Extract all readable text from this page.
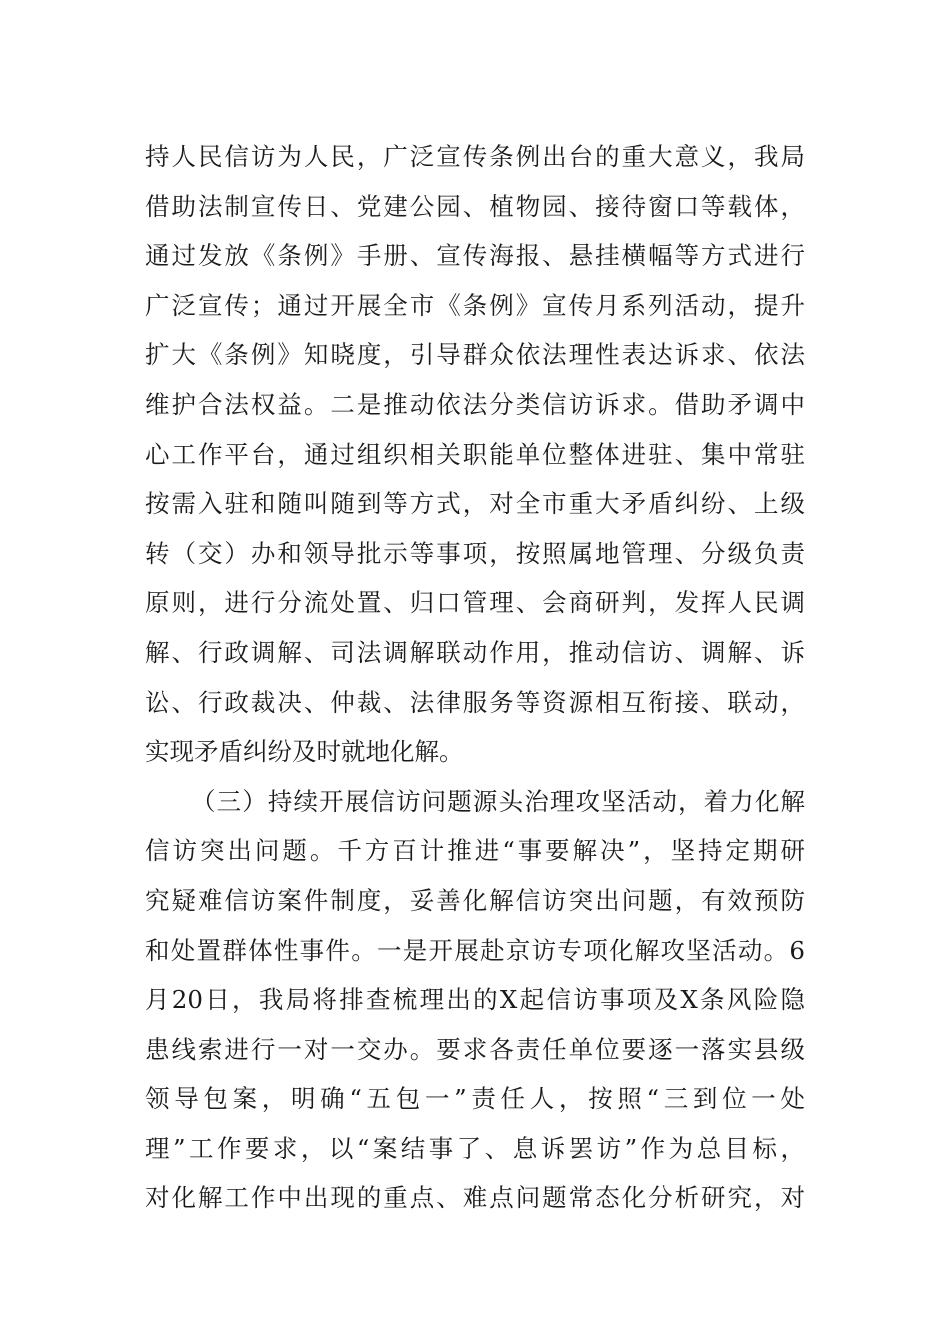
持人民信访为人民，广泛宣传条例出台的重大意义，我局
借助法制宣传日、党建公园、植物园、接待窗口等载体，
通过发放《条例》手册、宣传海报、悬挂横幅等方式进行
广泛宣传；通过开展全市《条例》宣传月系列活动，提升
扩大《条例》知晓度，引导群众依法理性表达诉求、依法
维护合法权益。二是推动依法分类信访诉求。借助矛调中
心工作平台，通过组织相关职能单位整体进驻、集中常驻
按需入驻和随叫随到等方式，对全市重大矛盾纠纷、上级
转（交）办和领导批示等事项，按照属地管理、分级负责
原则，进行分流处置、归口管理、会商研判，发挥人民调
解、行政调解、司法调解联动作用，推动信访、调解、诉
讼、行政裁决、仲裁、法律服务等资源相互衔接、联动，
实现矛盾纠纷及时就地化解。
（三）持续开展信访问题源头治理攻坚活动，着力化解
信访突出问题。千方百计推进“事要解决”，坚持定期研
究疑难信访案件制度，妥善化解信访突出问题，有效预防
和处置群体性事件。一是开展赴京访专项化解攻坚活动。6
月20日，我局将排查梳理出的X起信访事项及X条风险隐
患线索进行一对一交办。要求各责任单位要逐一落实县级
领导包案，明确“五包一”责任人，按照“三到位一处
理”工作要求，以“案结事了、息诉罢访”作为总目标，
对化解工作中出现的重点、难点问题常态化分析研究，对
